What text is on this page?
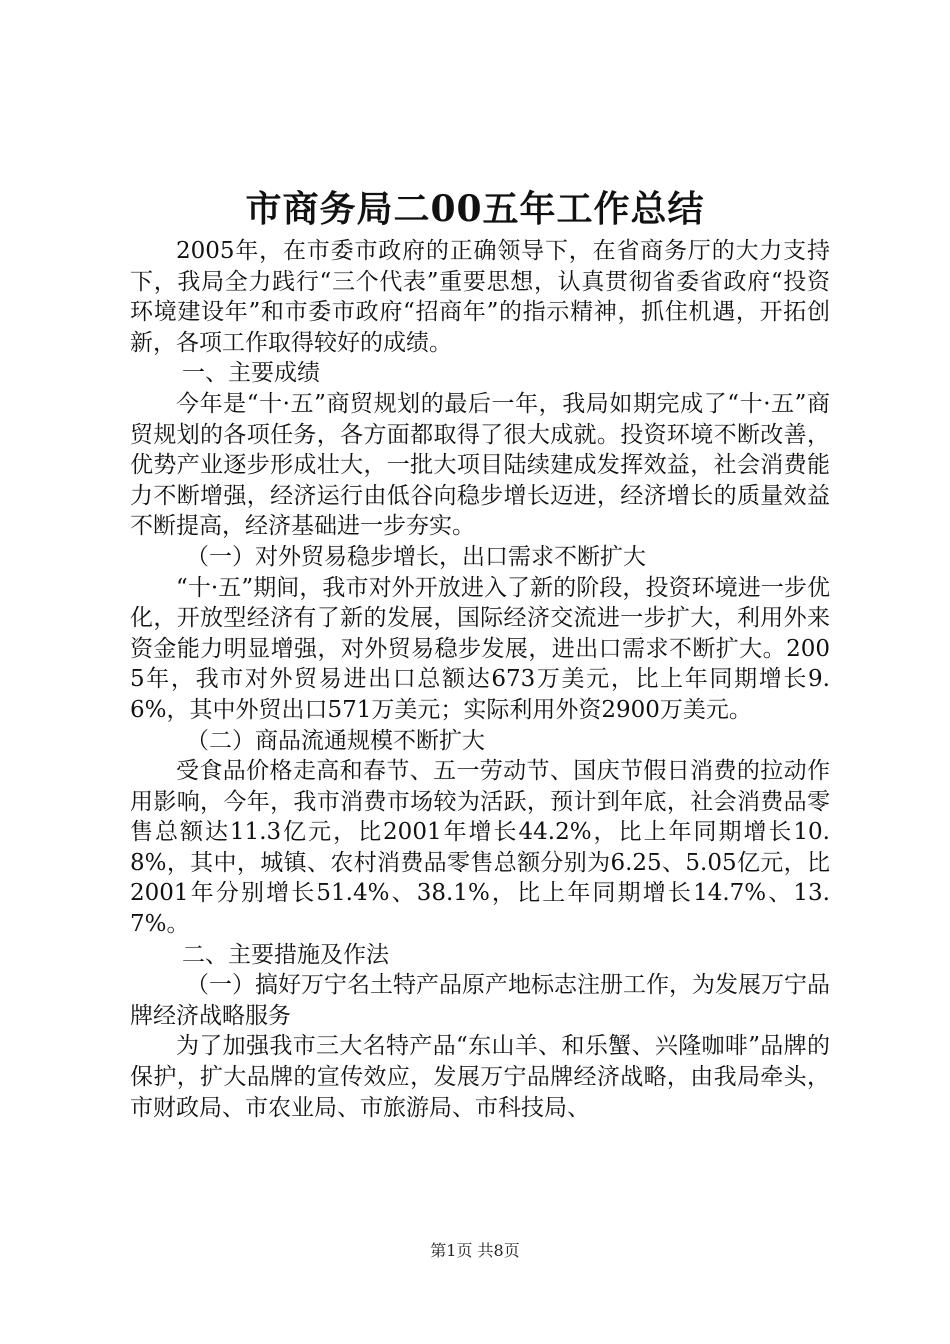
市商务局二00五年工作总结

2005年，在市委市政府的正确领导下，在省商务厅的大力支持下，我局全力践行“三个代表”重要思想，认真贯彻省委省政府“投资环境建设年”和市委市政府“招商年”的指示精神，抓住机遇，开拓创新，各项工作取得较好的成绩。

一、主要成绩

今年是“十·五”商贸规划的最后一年，我局如期完成了“十·五”商贸规划的各项任务，各方面都取得了很大成就。投资环境不断改善，优势产业逐步形成壮大，一批大项目陆续建成发挥效益，社会消费能力不断增强，经济运行由低谷向稳步增长迈进，经济增长的质量效益不断提高，经济基础进一步夯实。

（一）对外贸易稳步增长，出口需求不断扩大

“十·五”期间，我市对外开放进入了新的阶段，投资环境进一步优化，开放型经济有了新的发展，国际经济交流进一步扩大，利用外来资金能力明显增强，对外贸易稳步发展，进出口需求不断扩大。2005年，我市对外贸易进出口总额达673万美元，比上年同期增长9.6%，其中外贸出口571万美元；实际利用外资2900万美元。

（二）商品流通规模不断扩大

受食品价格走高和春节、五一劳动节、国庆节假日消费的拉动作用影响，今年，我市消费市场较为活跃，预计到年底，社会消费品零售总额达11.3亿元，比2001年增长44.2%，比上年同期增长10.8%，其中，城镇、农村消费品零售总额分别为6.25、5.05亿元，比2001年分别增长51.4%、38.1%，比上年同期增长14.7%、13.7%。

二、主要措施及作法

（一）搞好万宁名土特产品原产地标志注册工作，为发展万宁品牌经济战略服务

为了加强我市三大名特产品“东山羊、和乐蟹、兴隆咖啡”品牌的保护，扩大品牌的宣传效应，发展万宁品牌经济战略，由我局牵头，市财政局、市农业局、市旅游局、市科技局、

第1页 共8页
